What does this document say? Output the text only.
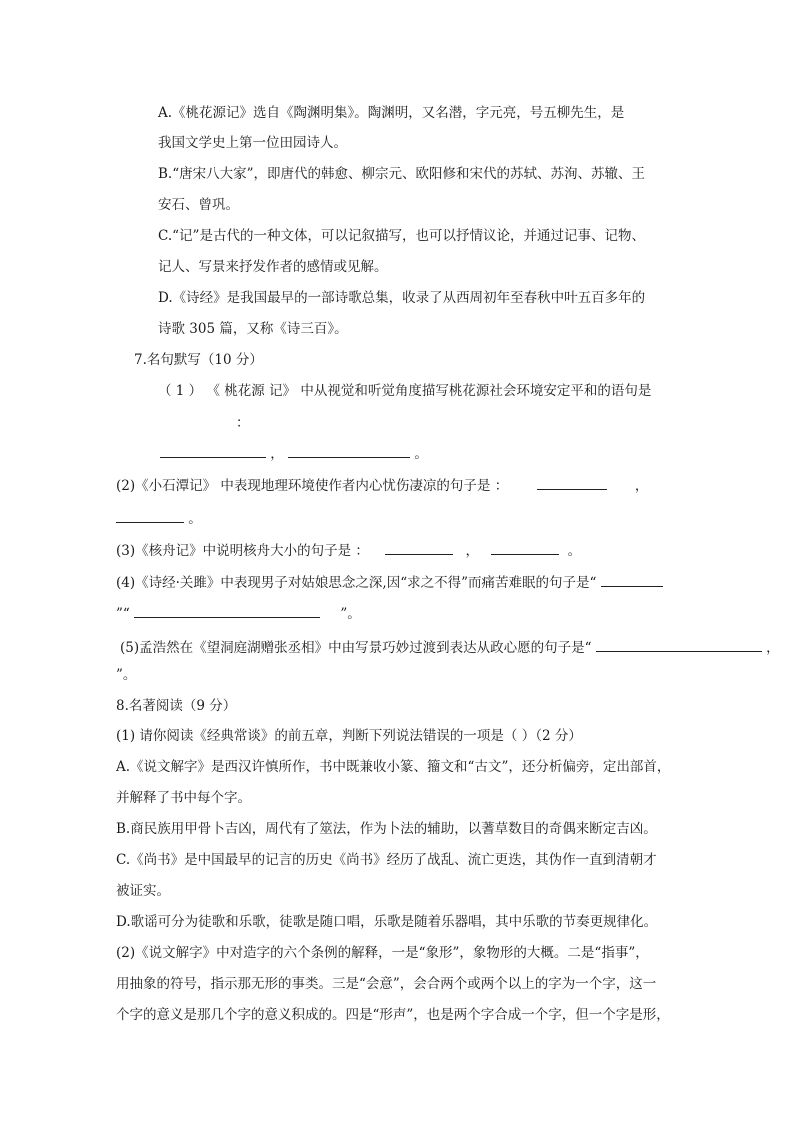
A.《桃花源记》选自《陶渊明集》。陶渊明，又名潜，字元亮，号五柳先生，是
我国文学史上第一位田园诗人。
B.“唐宋八大家”，即唐代的韩愈、柳宗元、欧阳修和宋代的苏轼、苏洵、苏辙、王
安石、曾巩。
C.“记”是古代的一种文体，可以记叙描写，也可以抒情议论，并通过记事、记物、
记人、写景来抒发作者的感情或见解。
D.《诗经》是我国最早的一部诗歌总集，收录了从西周初年至春秋中叶五百多年的
诗歌 305 篇，又称《诗三百》。
7.名句默写（10 分）
（ 1 ） 《 桃花源 记》 中从视觉和听觉角度描写桃花源社会环境安定平和的语句是
：
，	。
(2)《小石潭记》 中表现地理环境使作者内心忧伤凄凉的句子是 ：	，
。
(3)《核舟记》中说明核舟大小的句子是 ：	，	。
(4)《诗经·关雎》中表现男子对姑娘思念之深,因“求之不得”而痛苦难眠的句子是“
”“	”。
(5)孟浩然在《望洞庭湖赠张丞相》中由写景巧妙过渡到表达从政心愿的句子是“	，
”。
8.名著阅读（9 分）
(1) 请你阅读《经典常谈》的前五章，判断下列说法错误的一项是（ ）（2 分）
A.《说文解字》是西汉许慎所作，书中既兼收小篆、籀文和“古文”，还分析偏旁，定出部首，
并解释了书中每个字。
B.商民族用甲骨卜吉凶，周代有了筮法，作为卜法的辅助，以蓍草数目的奇偶来断定吉凶。
C.《尚书》是中国最早的记言的历史《尚书》经历了战乱、流亡更迭，其伪作一直到清朝才
被证实。
D.歌谣可分为徒歌和乐歌，徒歌是随口唱，乐歌是随着乐器唱，其中乐歌的节奏更规律化。
(2)《说文解字》中对造字的六个条例的解释，一是“象形”，象物形的大概。二是“指事”，
用抽象的符号，指示那无形的事类。三是“会意”，会合两个或两个以上的字为一个字，这一
个字的意义是那几个字的意义积成的。四是“形声”，也是两个字合成一个字，但一个字是形，
